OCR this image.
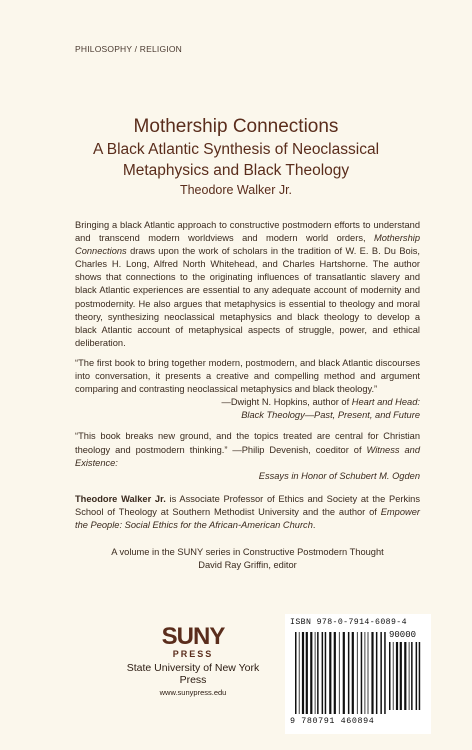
PHILOSOPHY / RELIGION
Mothership Connections
A Black Atlantic Synthesis of Neoclassical
Metaphysics and Black Theology
Theodore Walker Jr.

Bringing a black Atlantic approach to constructive postmodern efforts to understand and transcend modern worldviews and modern world orders, Mothership Connections draws upon the work of scholars in the tradition of W. E. B. Du Bois, Charles H. Long, Alfred North Whitehead, and Charles Hartshorne. The author shows that connections to the originating influences of transatlantic slavery and black Atlantic experiences are essential to any adequate account of modernity and postmodernity. He also argues that metaphysics is essential to theology and moral theory, synthesizing neoclassical metaphysics and black theology to develop a black Atlantic account of metaphysical aspects of struggle, power, and ethical deliberation.

“The first book to bring together modern, postmodern, and black Atlantic discourses into conversation, it presents a creative and compelling method and argument comparing and contrasting neoclassical metaphysics and black theology.”

—Dwight N. Hopkins, author of Heart and Head:
Black Theology—Past, Present, and Future

“This book breaks new ground, and the topics treated are central for Christian theology and postmodern thinking.” —Philip Devenish, coeditor of Witness and Existence:

Essays in Honor of Schubert M. Ogden

Theodore Walker Jr. is Associate Professor of Ethics and Society at the Perkins School of Theology at Southern Methodist University and the author of Empower the People: Social Ethics for the African-American Church.

A volume in the SUNY series in Constructive Postmodern Thought
David Ray Griffin, editor
SUNY
PRESS
State University of New York Press
www.sunypress.edu
ISBN 978-0-7914-6089-4
90000
9 780791 460894
